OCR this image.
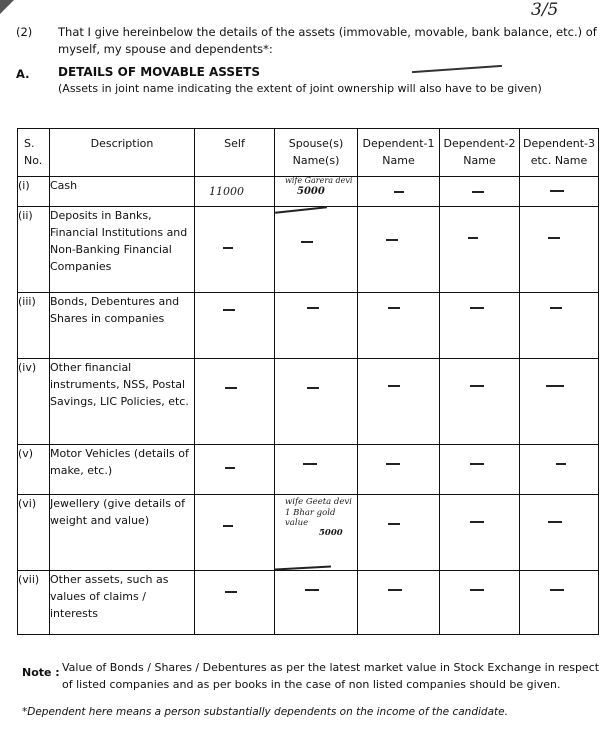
3/5
(2) That I give hereinbelow the details of the assets (immovable, movable, bank balance, etc.) of
myself, my spouse and dependents*:
A. DETAILS OF MOVABLE ASSETS
(Assets in joint name indicating the extent of joint ownership will also have to be given)
S. No.	Description	Self	Spouse(s) Name(s)	Dependent-1 Name	Dependent-2 Name	Dependent-3 etc. Name
(i)	Cash	11000	wife Garera devi
5000			

(ii)	Deposits in Banks, Financial Institutions and Non-Banking Financial Companies	

(iii)	Bonds, Debentures and Shares in companies	

(iv)	Other financial instruments, NSS, Postal Savings, LIC Policies, etc.	

(v)	Motor Vehicles (details of make, etc.)	

(vi)	Jewellery (give details of weight and value)		wife Geeta devi 1 Bhar gold value
5000			

(vii)	Other assets, such as values of claims / interests	

Note : Value of Bonds / Shares / Debentures as per the latest market value in Stock Exchange in respect
of listed companies and as per books in the case of non listed companies should be given.
*Dependent here means a person substantially dependents on the income of the candidate.
